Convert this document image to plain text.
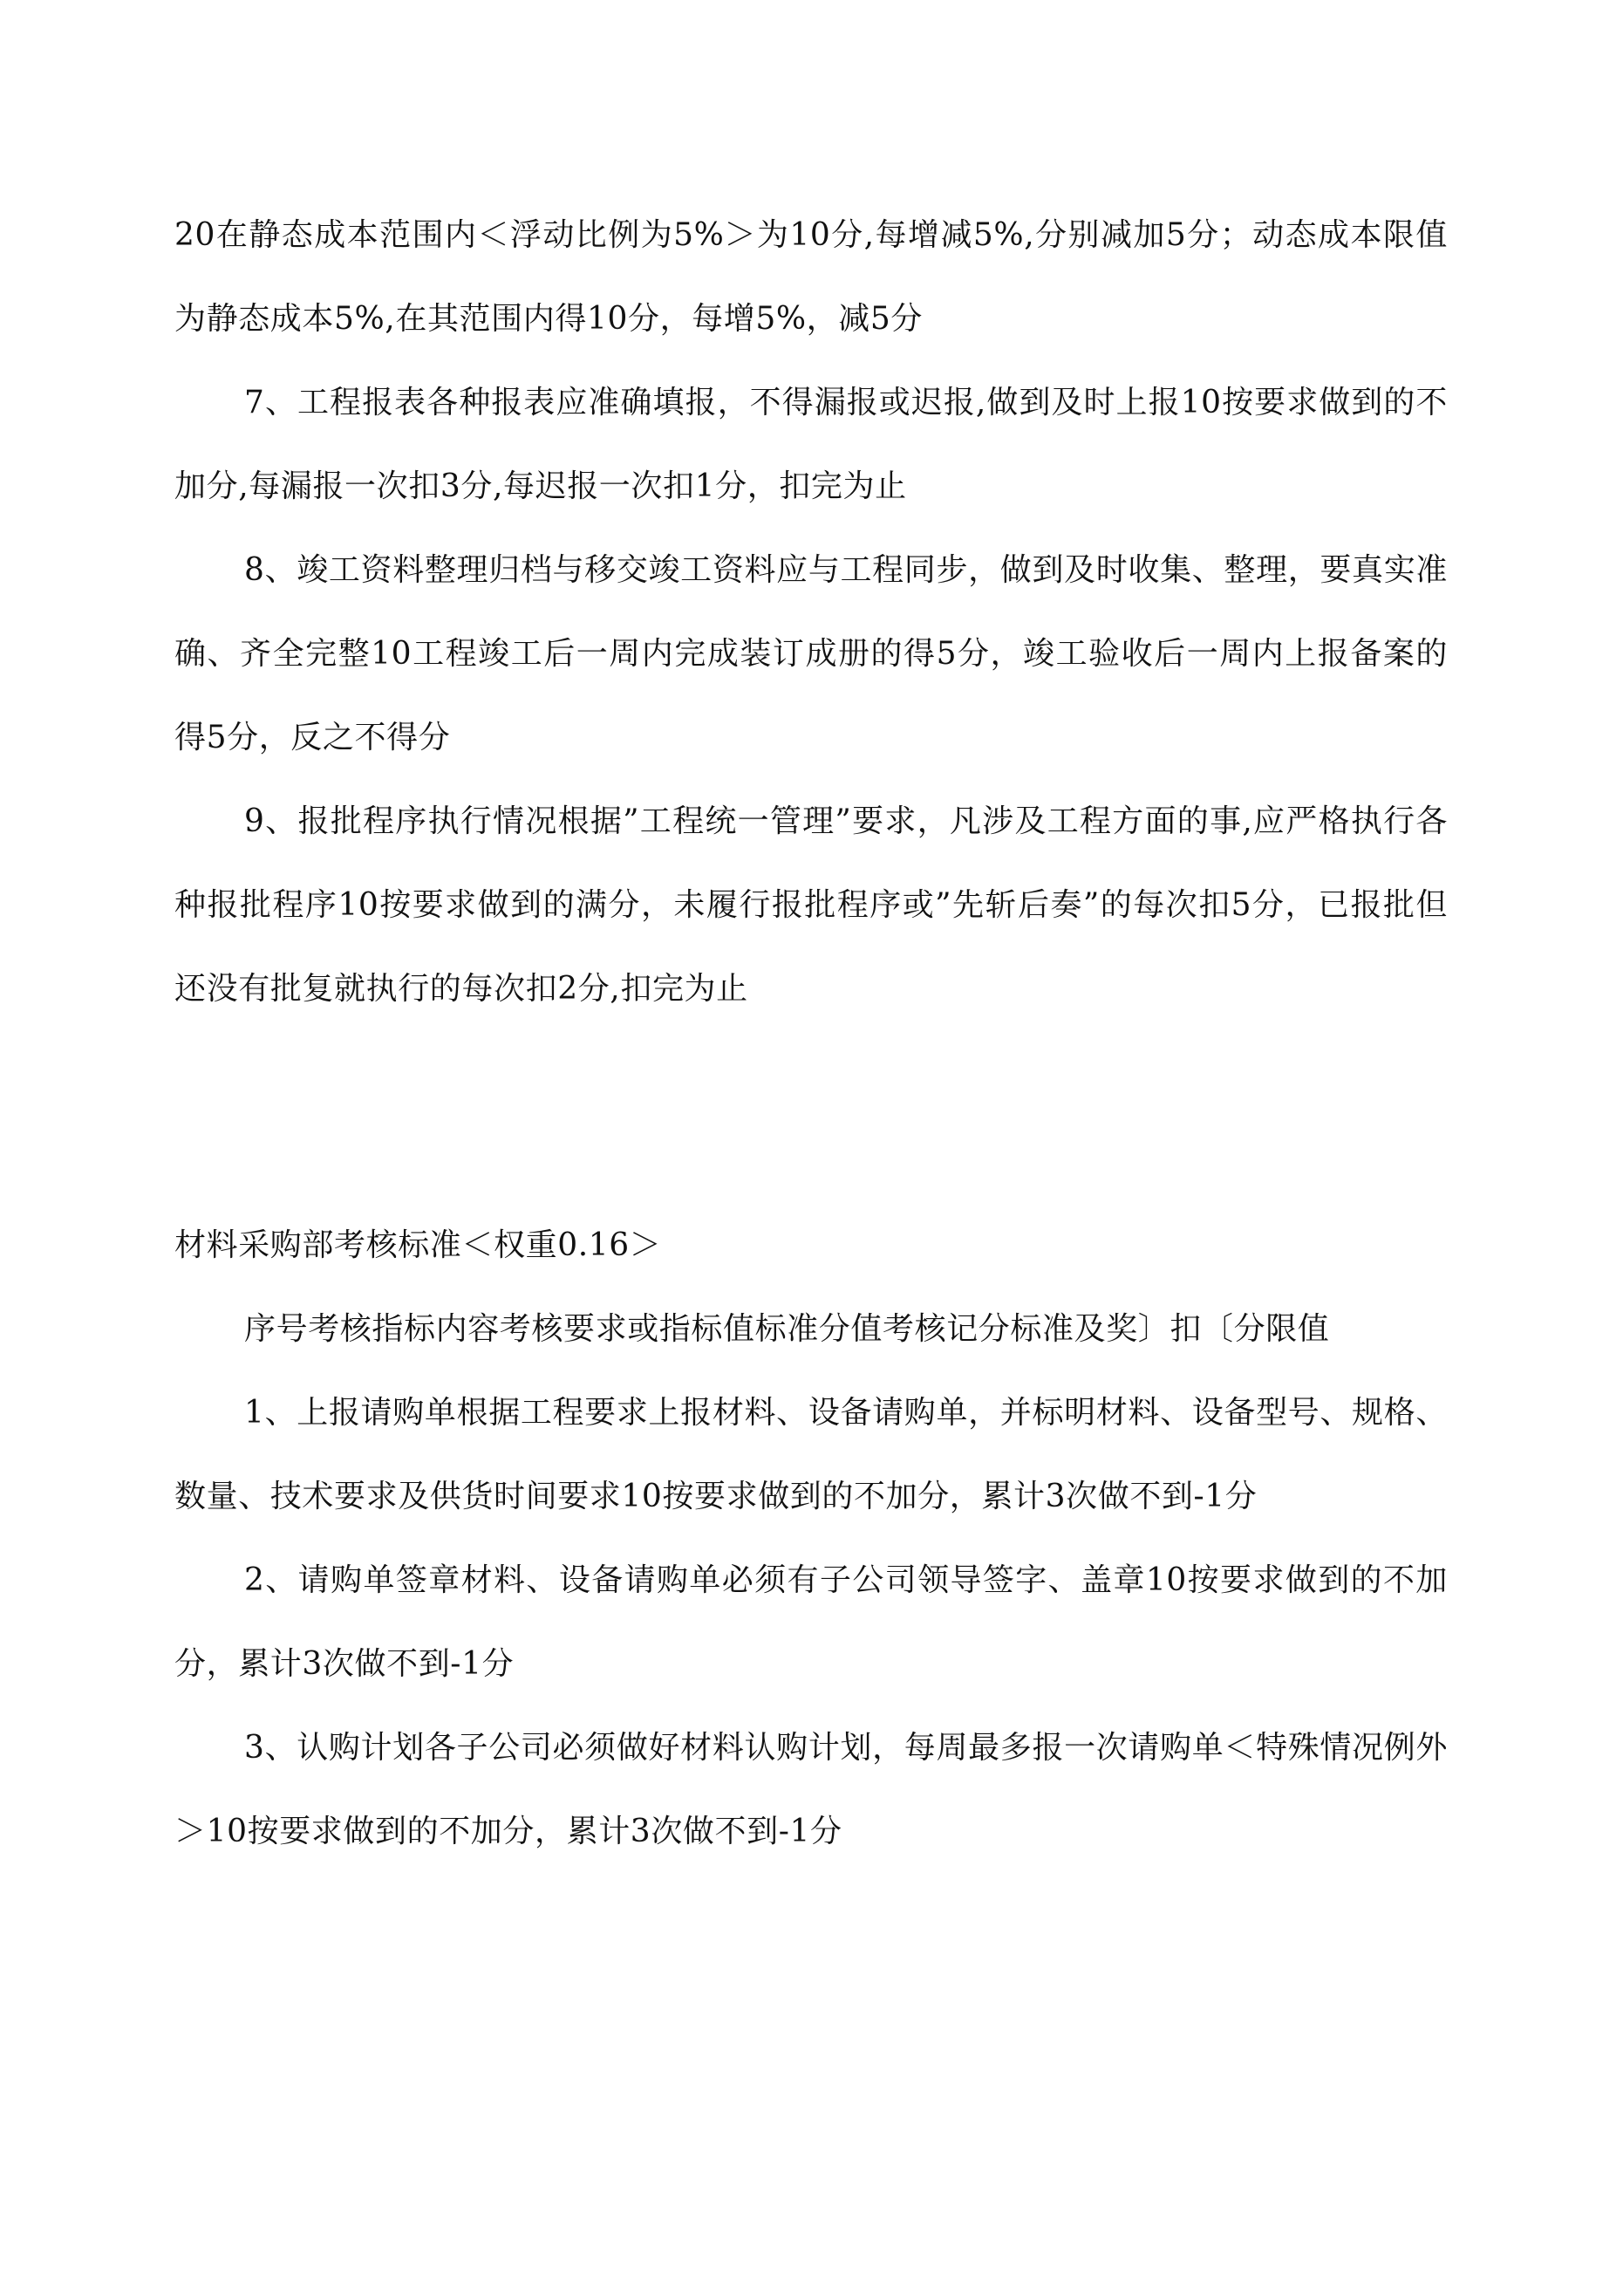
20在静态成本范围内＜浮动比例为5%＞为10分,每增减5%,分别减加5分；动态成本限值为静态成本5%,在其范围内得10分，每增5%，减5分

7、工程报表各种报表应准确填报，不得漏报或迟报,做到及时上报10按要求做到的不加分,每漏报一次扣3分,每迟报一次扣1分，扣完为止

8、竣工资料整理归档与移交竣工资料应与工程同步，做到及时收集、整理，要真实准确、齐全完整10工程竣工后一周内完成装订成册的得5分，竣工验收后一周内上报备案的得5分，反之不得分

9、报批程序执行情况根据”工程统一管理”要求，凡涉及工程方面的事,应严格执行各种报批程序10按要求做到的满分，未履行报批程序或”先斩后奏”的每次扣5分，已报批但还没有批复就执行的每次扣2分,扣完为止

材料采购部考核标准＜权重0.16＞

序号考核指标内容考核要求或指标值标准分值考核记分标准及奖〕扣〔分限值

1、上报请购单根据工程要求上报材料、设备请购单，并标明材料、设备型号、规格、数量、技术要求及供货时间要求10按要求做到的不加分，累计3次做不到-1分

2、请购单签章材料、设备请购单必须有子公司领导签字、盖章10按要求做到的不加分，累计3次做不到-1分

3、认购计划各子公司必须做好材料认购计划，每周最多报一次请购单＜特殊情况例外＞10按要求做到的不加分，累计3次做不到-1分
